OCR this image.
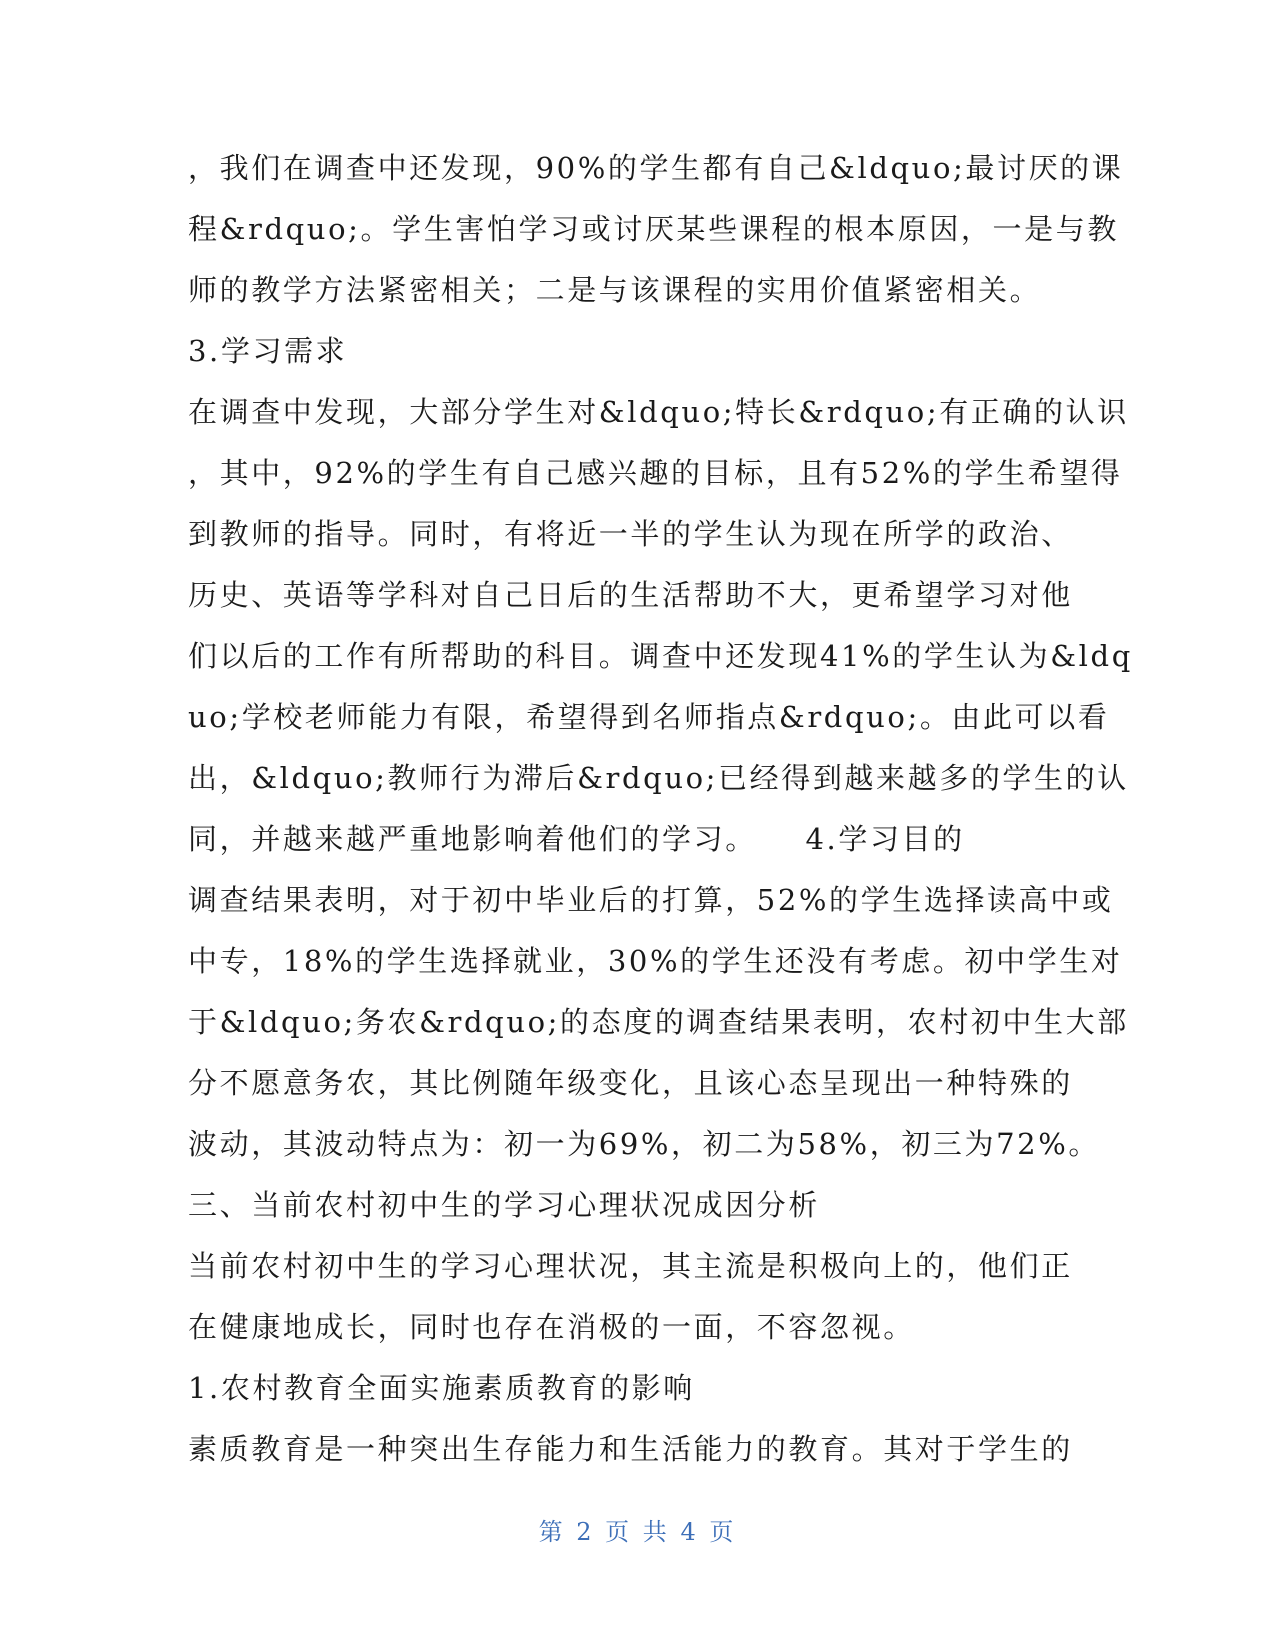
，我们在调查中还发现，90%的学生都有自己&ldquo;最讨厌的课
程&rdquo;。学生害怕学习或讨厌某些课程的根本原因，一是与教
师的教学方法紧密相关；二是与该课程的实用价值紧密相关。
3.学习需求
在调查中发现，大部分学生对&ldquo;特长&rdquo;有正确的认识
，其中，92%的学生有自己感兴趣的目标，且有52%的学生希望得
到教师的指导。同时，有将近一半的学生认为现在所学的政治、
历史、英语等学科对自己日后的生活帮助不大，更希望学习对他
们以后的工作有所帮助的科目。调查中还发现41%的学生认为&ldq
uo;学校老师能力有限，希望得到名师指点&rdquo;。由此可以看
出，&ldquo;教师行为滞后&rdquo;已经得到越来越多的学生的认
同，并越来越严重地影响着他们的学习。　　4.学习目的
调查结果表明，对于初中毕业后的打算，52%的学生选择读高中或
中专，18%的学生选择就业，30%的学生还没有考虑。初中学生对
于&ldquo;务农&rdquo;的态度的调查结果表明，农村初中生大部
分不愿意务农，其比例随年级变化，且该心态呈现出一种特殊的
波动，其波动特点为：初一为69%，初二为58%，初三为72%。
三、当前农村初中生的学习心理状况成因分析
当前农村初中生的学习心理状况，其主流是积极向上的，他们正
在健康地成长，同时也存在消极的一面，不容忽视。
1.农村教育全面实施素质教育的影响
素质教育是一种突出生存能力和生活能力的教育。其对于学生的
第 2 页 共 4 页
